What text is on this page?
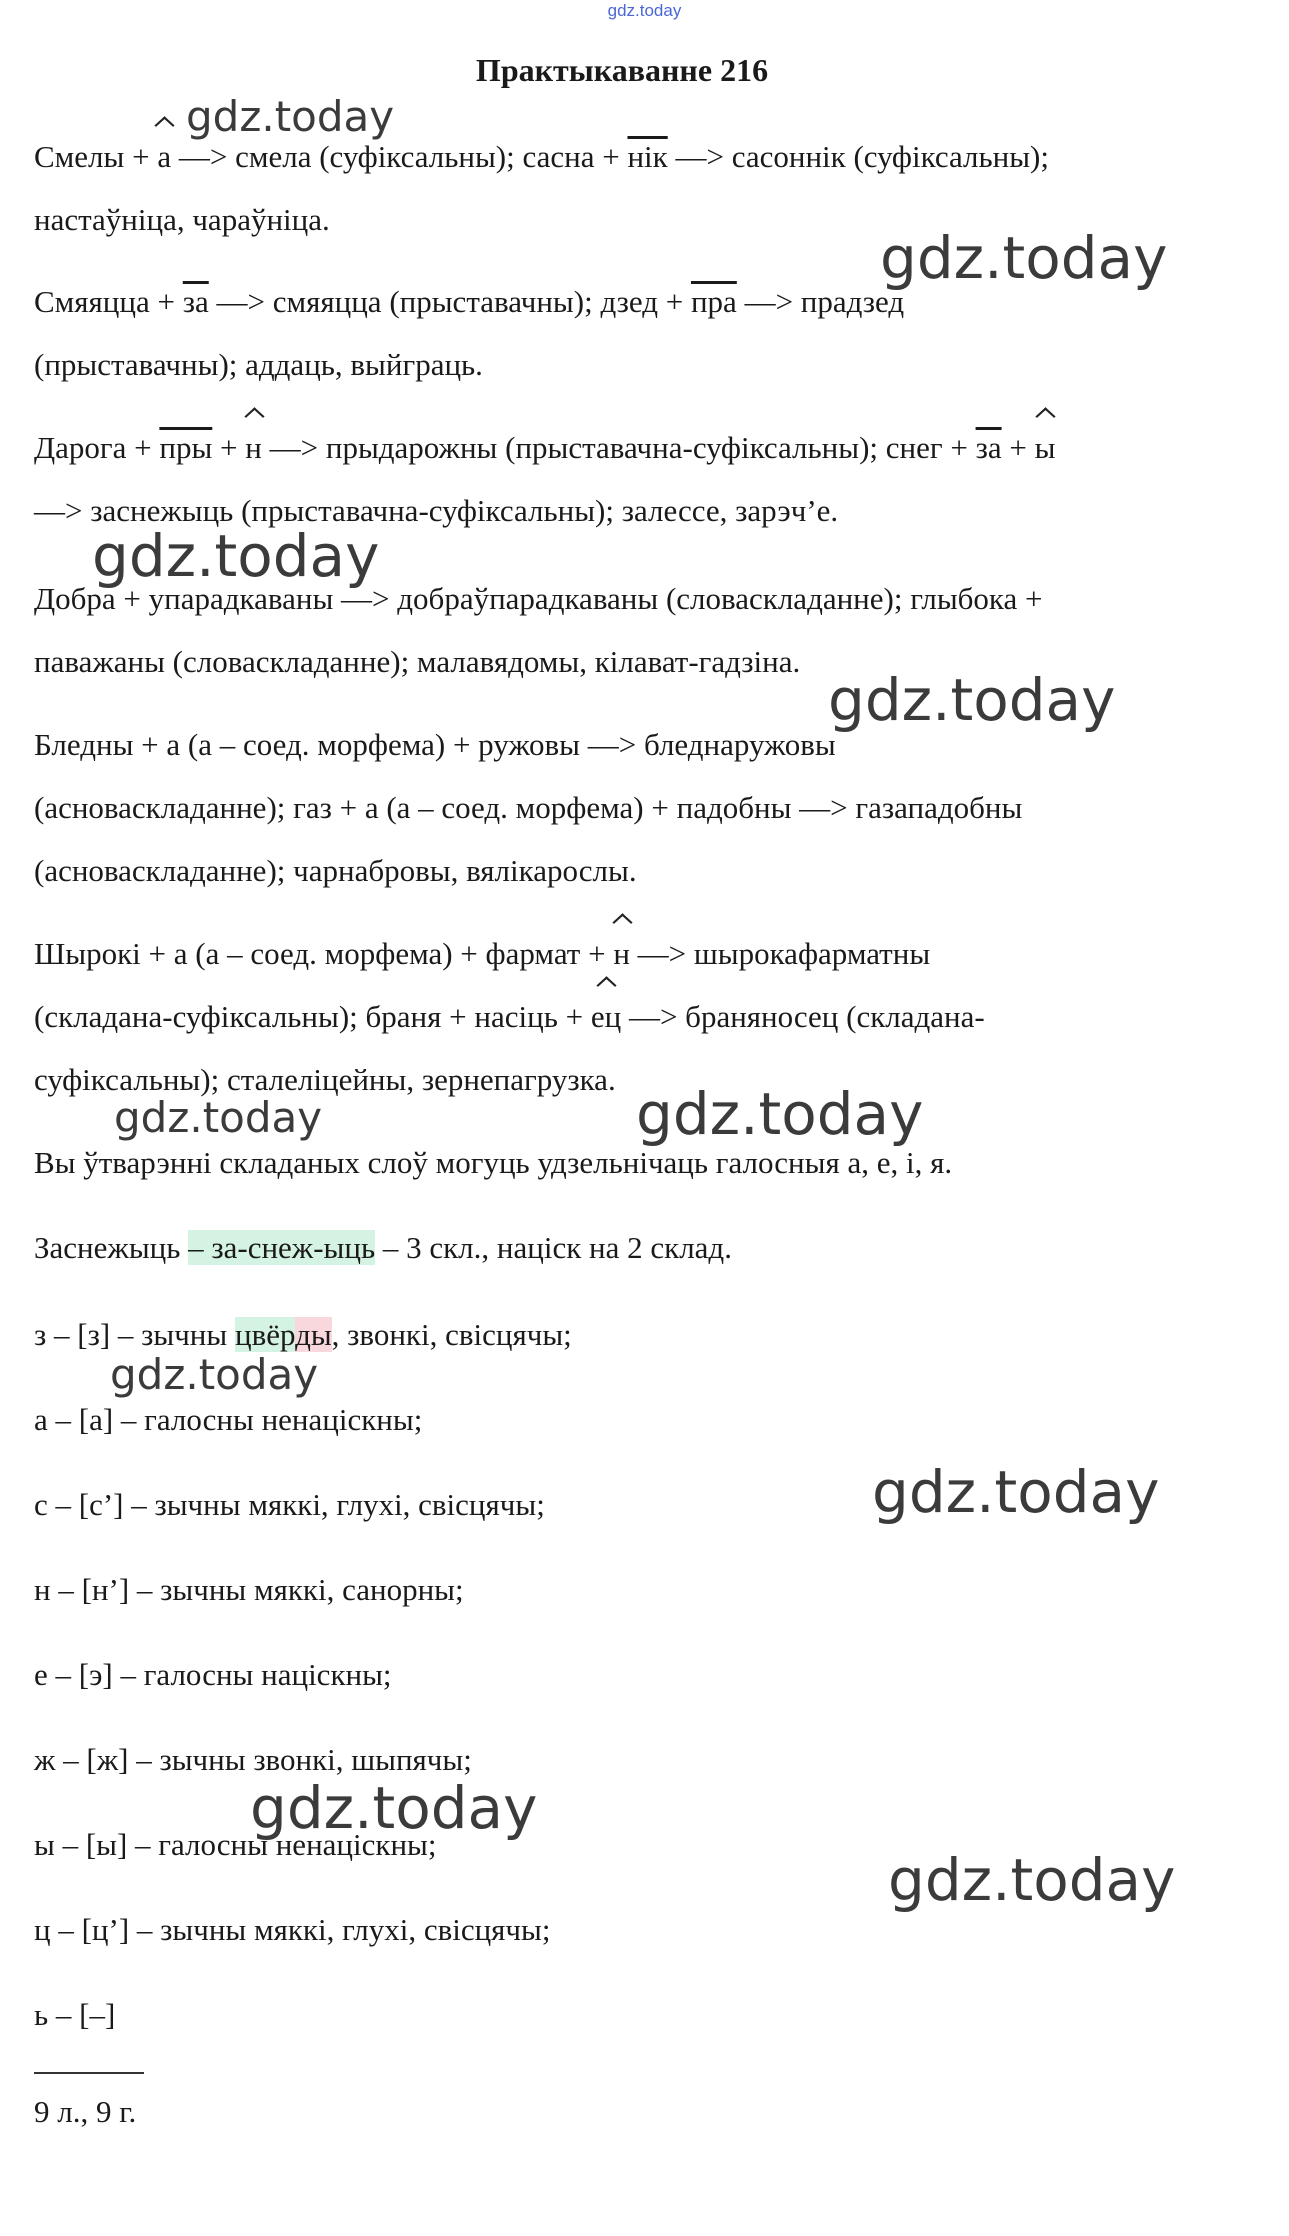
gdz.today
Практыкаванне 216

Смелы + а —> смела (суфіксальны); сасна + нік —> сасоннік (суфіксальны);

настаўніца, чараўніца.

Смяяцца + за —> смяяцца (прыставачны); дзед + пра —> прадзед

(прыставачны); аддаць, выйграць.

Дарога + пры + н —> прыдарожны (прыставачна-суфіксальны); снег + за + ы

—> заснежыць (прыставачна-суфіксальны); залессе, зарэч’е.

Добра + упарадкаваны —> добраўпарадкаваны (словаскладанне); глыбока +

паважаны (словаскладанне); малавядомы, кілават-гадзіна.

Бледны + а (а – соед. морфема) + ружовы —> бледнаружовы

(асноваскладанне); газ + а (а – соед. морфема) + падобны —> газападобны

(асноваскладанне); чарнабровы, вялікарослы.

Шырокі + а (а – соед. морфема) + фармат + н —> шырокафарматны

(складана-суфіксальны); браня + насіць + ец —> браняносец (складана-

суфіксальны); сталеліцейны, зернепагрузка.

Вы ўтварэнні складаных слоў могуць удзельнічаць галосныя а, е, і, я.

Заснежыць – за-снеж-ыць – 3 скл., націск на 2 склад.

з – [з] – зычны цвёрды, звонкі, свісцячы;

а – [а] – галосны ненаціскны;

с – [с’] – зычны мяккі, глухі, свісцячы;

н – [н’] – зычны мяккі, санорны;

е – [э] – галосны націскны;

ж – [ж] – зычны звонкі, шыпячы;

ы – [ы] – галосны ненаціскны;

ц – [ц’] – зычны мяккі, глухі, свісцячы;

ь – [–]

9 л., 9 г.

gdz.today
gdz.today
gdz.today
gdz.today
gdz.today	gdz.today
gdz.today
gdz.today
gdz.today
gdz.today
